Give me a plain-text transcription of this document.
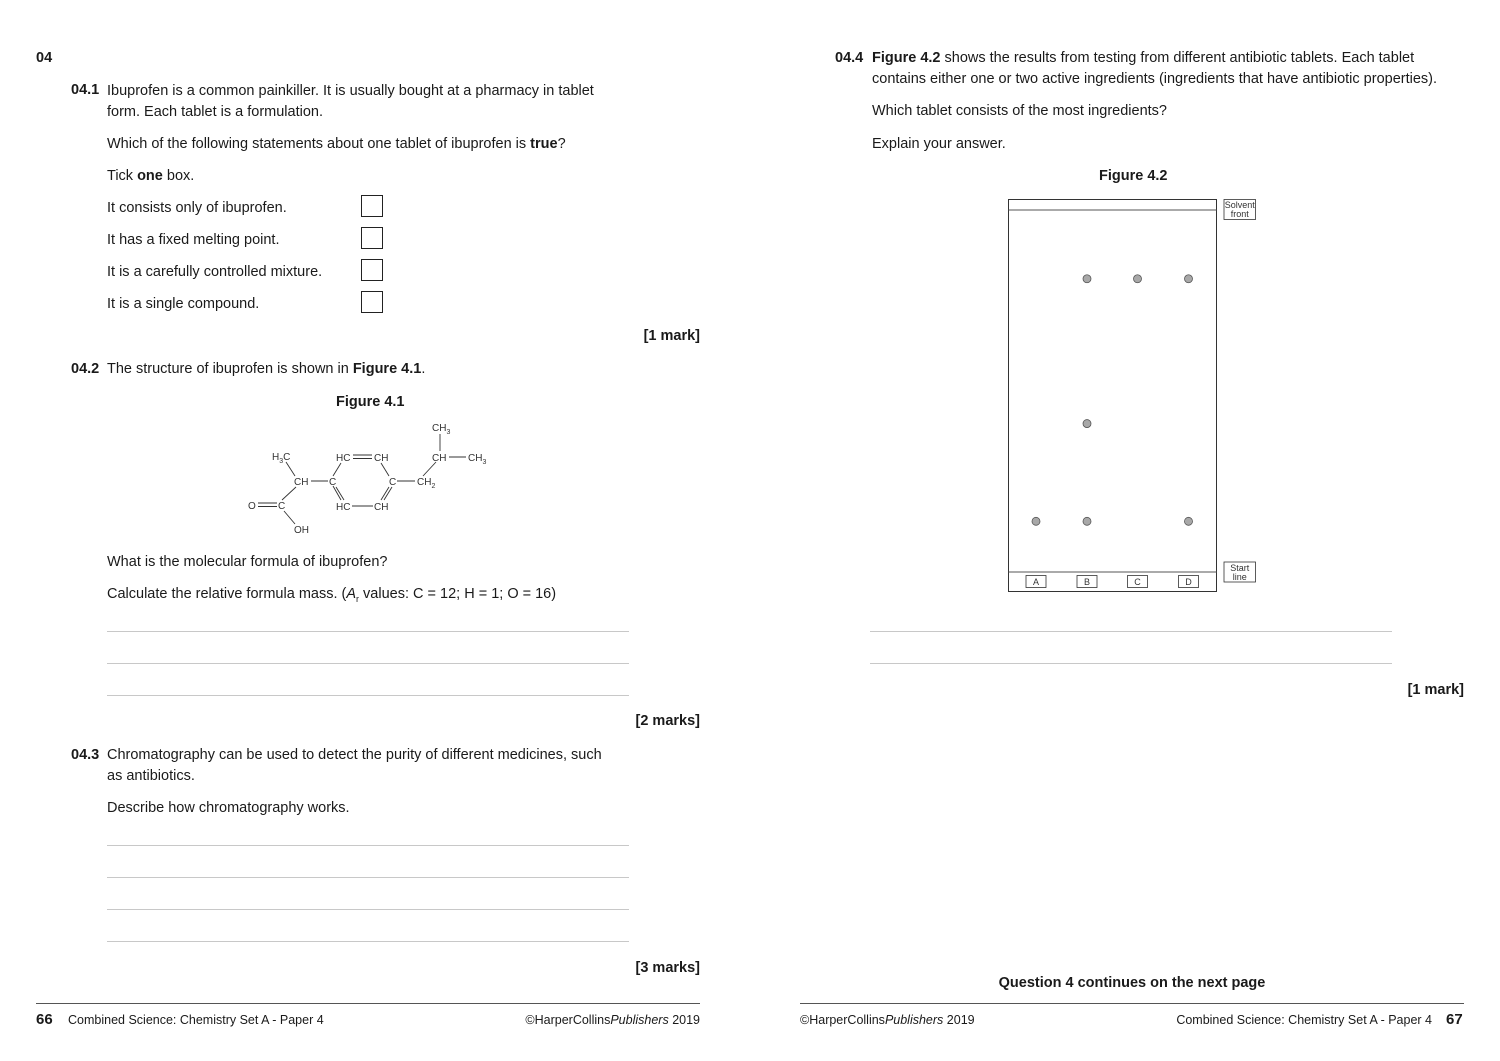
04
04.1 Ibuprofen is a common painkiller. It is usually bought at a pharmacy in tablet
form. Each tablet is a formulation.
Which of the following statements about one tablet of ibuprofen is true?
Tick one box.
It consists only of ibuprofen.
It has a fixed melting point.
It is a carefully controlled mixture.
It is a single compound.
[1 mark]
04.2 The structure of ibuprofen is shown in Figure 4.1.
Figure 4.1
$CH_3$
$H_3C$	HC CH	CH $CH_3$
CH C	C $CH_2$
O C	HC CH
OH
What is the molecular formula of ibuprofen?
Calculate the relative formula mass. ($A_r$ values: C = 12; H = 1; O = 16)
[2 marks]
04.3 Chromatography can be used to detect the purity of different medicines, such
as antibiotics.
Describe how chromatography works.
[3 marks]
66 Combined Science: Chemistry Set A - Paper 4	©HarperCollinsPublishers 2019
04.4 Figure 4.2 shows the results from testing from different antibiotic tablets. Each tablet
contains either one or two active ingredients (ingredients that have antibiotic properties).
Which tablet consists of the most ingredients?
Explain your answer.
Figure 4.2
Solvent
front
Start
line
A	B	C	D
[1 mark]
Question 4 continues on the next page
©HarperCollinsPublishers 2019	Combined Science: Chemistry Set A - Paper 4 67
